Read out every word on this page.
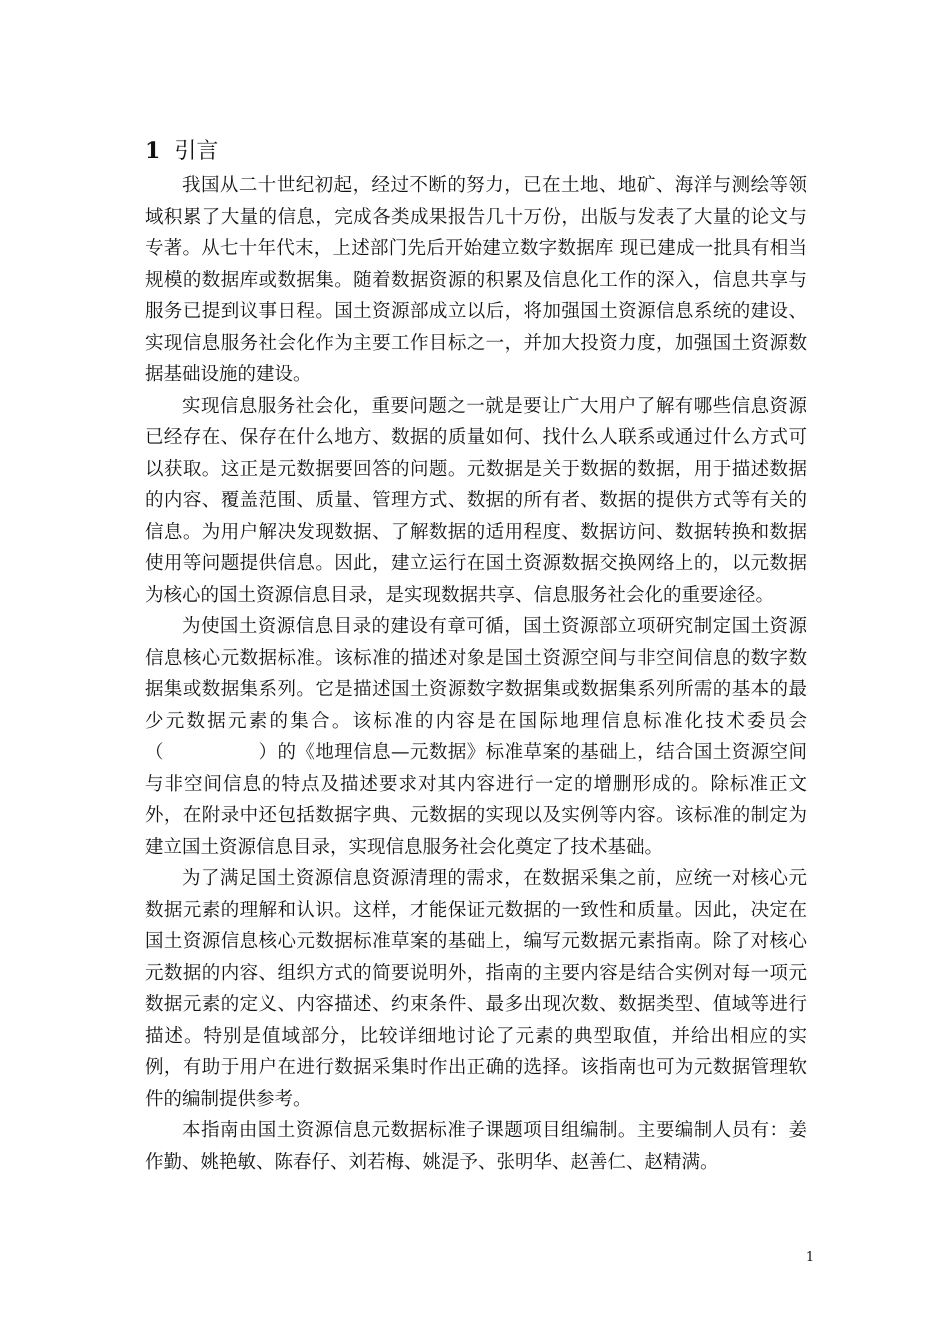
1 引言

我国从二十世纪初起，经过不断的努力，已在土地、地矿、海洋与测绘等领域积累了大量的信息，完成各类成果报告几十万份，出版与发表了大量的论文与专著。从七十年代末，上述部门先后开始建立数字数据库 现已建成一批具有相当规模的数据库或数据集。随着数据资源的积累及信息化工作的深入，信息共享与服务已提到议事日程。国土资源部成立以后，将加强国土资源信息系统的建设、实现信息服务社会化作为主要工作目标之一，并加大投资力度，加强国土资源数据基础设施的建设。

实现信息服务社会化，重要问题之一就是要让广大用户了解有哪些信息资源已经存在、保存在什么地方、数据的质量如何、找什么人联系或通过什么方式可以获取。这正是元数据要回答的问题。元数据是关于数据的数据，用于描述数据的内容、覆盖范围、质量、管理方式、数据的所有者、数据的提供方式等有关的信息。为用户解决发现数据、了解数据的适用程度、数据访问、数据转换和数据使用等问题提供信息。因此，建立运行在国土资源数据交换网络上的，以元数据为核心的国土资源信息目录，是实现数据共享、信息服务社会化的重要途径。

为使国土资源信息目录的建设有章可循，国土资源部立项研究制定国土资源信息核心元数据标准。该标准的描述对象是国土资源空间与非空间信息的数字数据集或数据集系列。它是描述国土资源数字数据集或数据集系列所需的基本的最少元数据元素的集合。该标准的内容是在国际地理信息标准化技术委员会（　　　　　）的《地理信息—元数据》标准草案的基础上，结合国土资源空间与非空间信息的特点及描述要求对其内容进行一定的增删形成的。除标准正文外，在附录中还包括数据字典、元数据的实现以及实例等内容。该标准的制定为建立国土资源信息目录，实现信息服务社会化奠定了技术基础。

为了满足国土资源信息资源清理的需求，在数据采集之前，应统一对核心元数据元素的理解和认识。这样，才能保证元数据的一致性和质量。因此，决定在国土资源信息核心元数据标准草案的基础上，编写元数据元素指南。除了对核心元数据的内容、组织方式的简要说明外，指南的主要内容是结合实例对每一项元数据元素的定义、内容描述、约束条件、最多出现次数、数据类型、值域等进行描述。特别是值域部分，比较详细地讨论了元素的典型取值，并给出相应的实例，有助于用户在进行数据采集时作出正确的选择。该指南也可为元数据管理软件的编制提供参考。

本指南由国土资源信息元数据标准子课题项目组编制。主要编制人员有：姜作勤、姚艳敏、陈春仔、刘若梅、姚湜予、张明华、赵善仁、赵精满。

1
